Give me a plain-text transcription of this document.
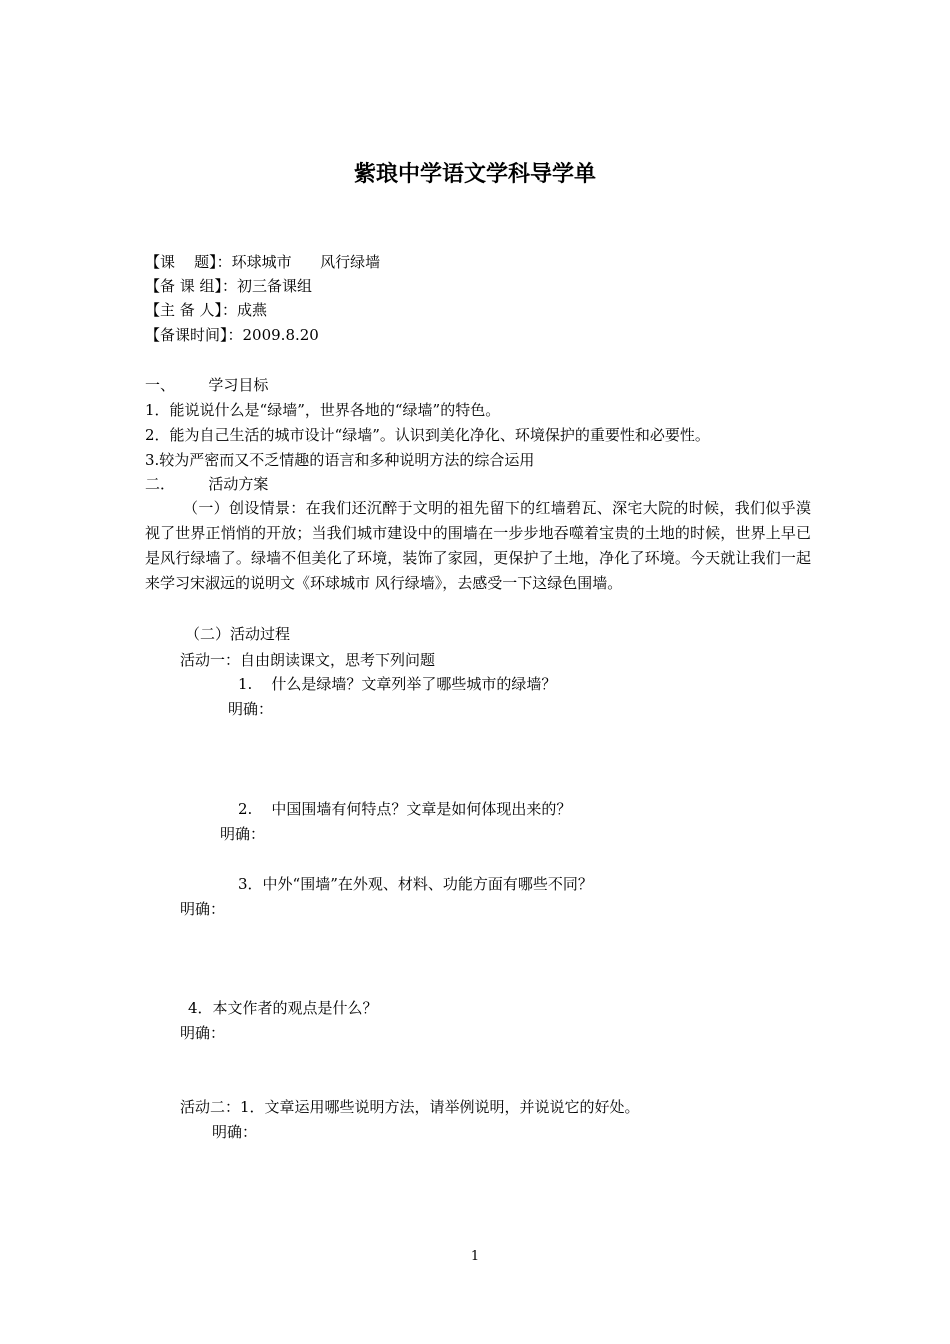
紫琅中学语文学科导学单
【课    题】：环球城市      风行绿墙
【备 课 组】：初三备课组
【主 备 人】：成燕
【备课时间】：2009.8.20
一、       学习目标
1．能说说什么是“绿墙”，世界各地的“绿墙”的特色。
2．能为自己生活的城市设计“绿墙”。认识到美化净化、环境保护的重要性和必要性。
3.较为严密而又不乏情趣的语言和多种说明方法的综合运用
二．       活动方案
（一）创设情景：在我们还沉醉于文明的祖先留下的红墙碧瓦、深宅大院的时候，我们似乎漠视了世界正悄悄的开放；当我们城市建设中的围墙在一步步地吞噬着宝贵的土地的时候，世界上早已是风行绿墙了。绿墙不但美化了环境，装饰了家园，更保护了土地，净化了环境。今天就让我们一起来学习宋淑远的说明文《环球城市 风行绿墙》，去感受一下这绿色围墙。
（二）活动过程
活动一：自由朗读课文，思考下列问题
1.    什么是绿墙？文章列举了哪些城市的绿墙？
明确：
2.    中国围墙有何特点？文章是如何体现出来的？
明确：
3．中外“围墙”在外观、材料、功能方面有哪些不同？
明确：
4．本文作者的观点是什么？
明确：
活动二：1．文章运用哪些说明方法，请举例说明，并说说它的好处。
明确：
1
